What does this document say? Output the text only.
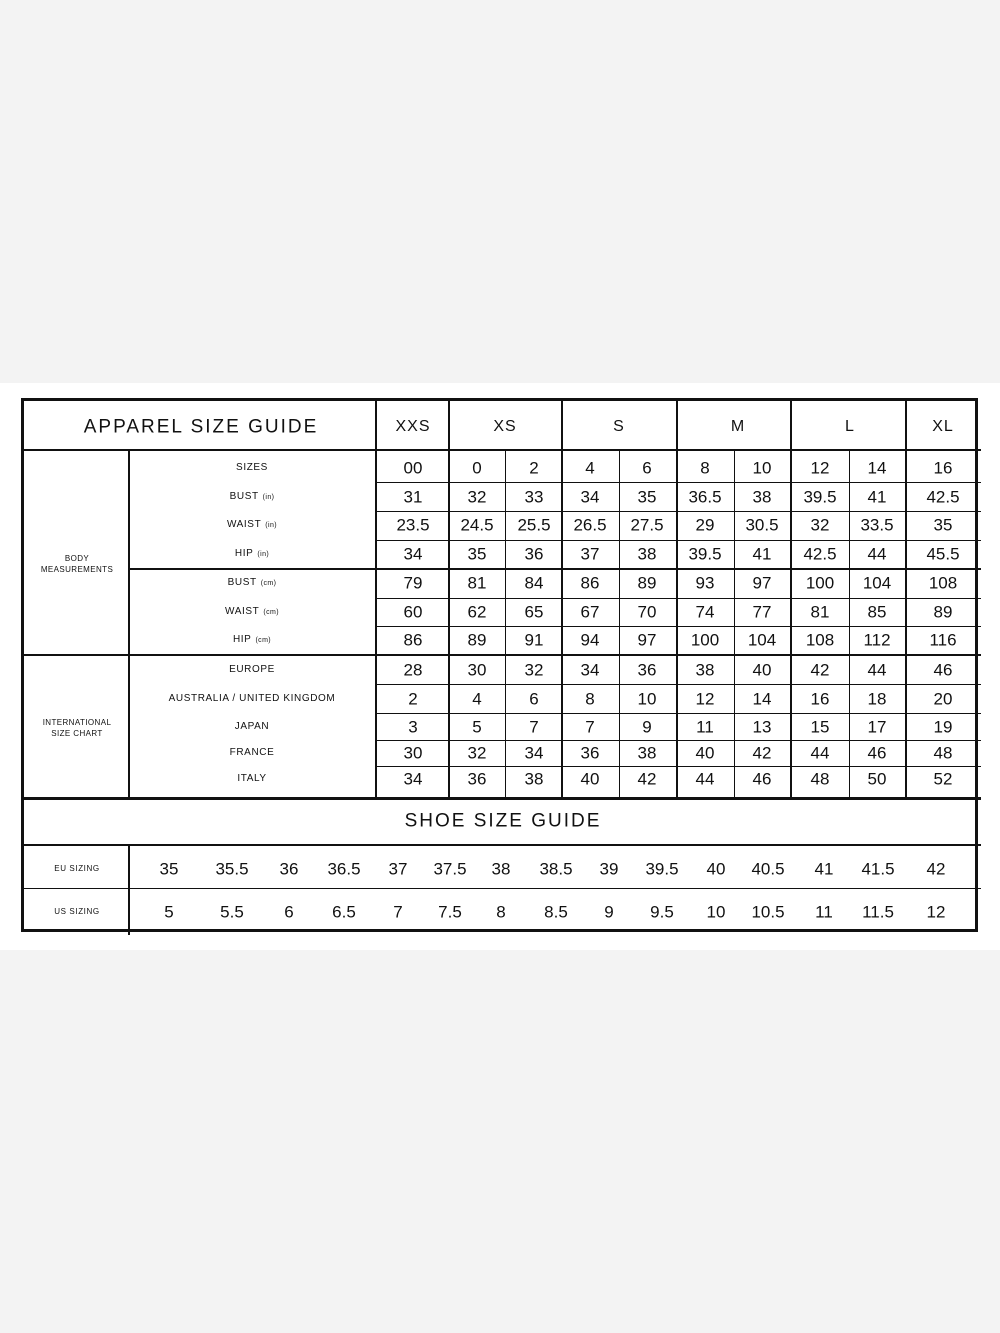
APPAREL SIZE GUIDE	XXS	XS	S	M	L	XL
BODY
MEASUREMENTS
INTERNATIONAL
SIZE CHART
SIZES	00	0	2	4	6	8	10 12 14	16
BUST (in)	31	32 33 34 35 36.5 38 39.5 41 42.5
WAIST (in)	23.5 24.5 25.5 26.5 27.5 29 30.5 32 33.5 35
HIP (in)	34	35 36 37 38 39.5 41 42.5 44 45.5
BUST (cm)	79	81 84 86 89 93 97 100 104 108
WAIST (cm)	60	62 65 67 70 74 77 81 85	89
HIP (cm)	86	89 91 94 97 100 104 108 112 116
EUROPE	28	30 32 34 36 38 40 42 44	46
AUSTRALIA / UNITED KINGDOM	2	4	6	8	10 12 14 16 18	20
JAPAN	3	5	7	7	9	11 13 15 17	19
FRANCE	30	32 34 36 38 40 42 44 46	48
ITALY	34	36 38 40 42 44 46 48 50	52
SHOE SIZE GUIDE
EU SIZING	35 35.5 36 36.5 37 37.5 38 38.5 39 39.5 40 40.5 41 41.5 42
US SIZING	5	5.5 6 6.5 7 7.5 8 8.5 9 9.5 10 10.5 11 11.5 12
